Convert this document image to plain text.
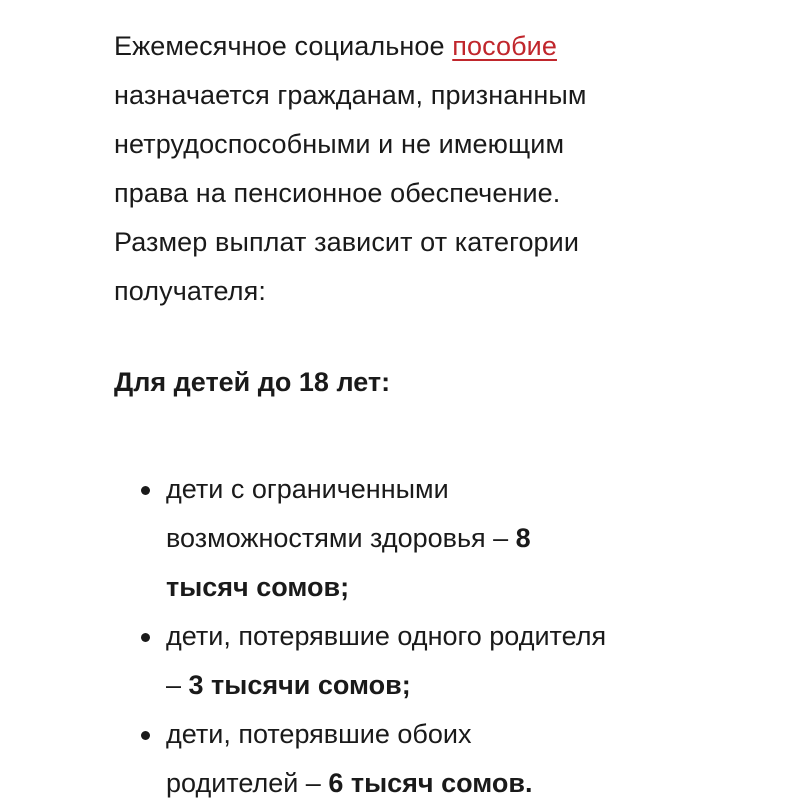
Ежемесячное социальное пособие
назначается гражданам, признанным
нетрудоспособными и не имеющим
права на пенсионное обеспечение.
Размер выплат зависит от категории
получателя:

Для детей до 18 лет:
дети с ограниченными
возможностями здоровья – 8
тысяч сомов;
дети, потерявшие одного родителя
– 3 тысячи сомов;
дети, потерявшие обоих
родителей – 6 тысяч сомов.
